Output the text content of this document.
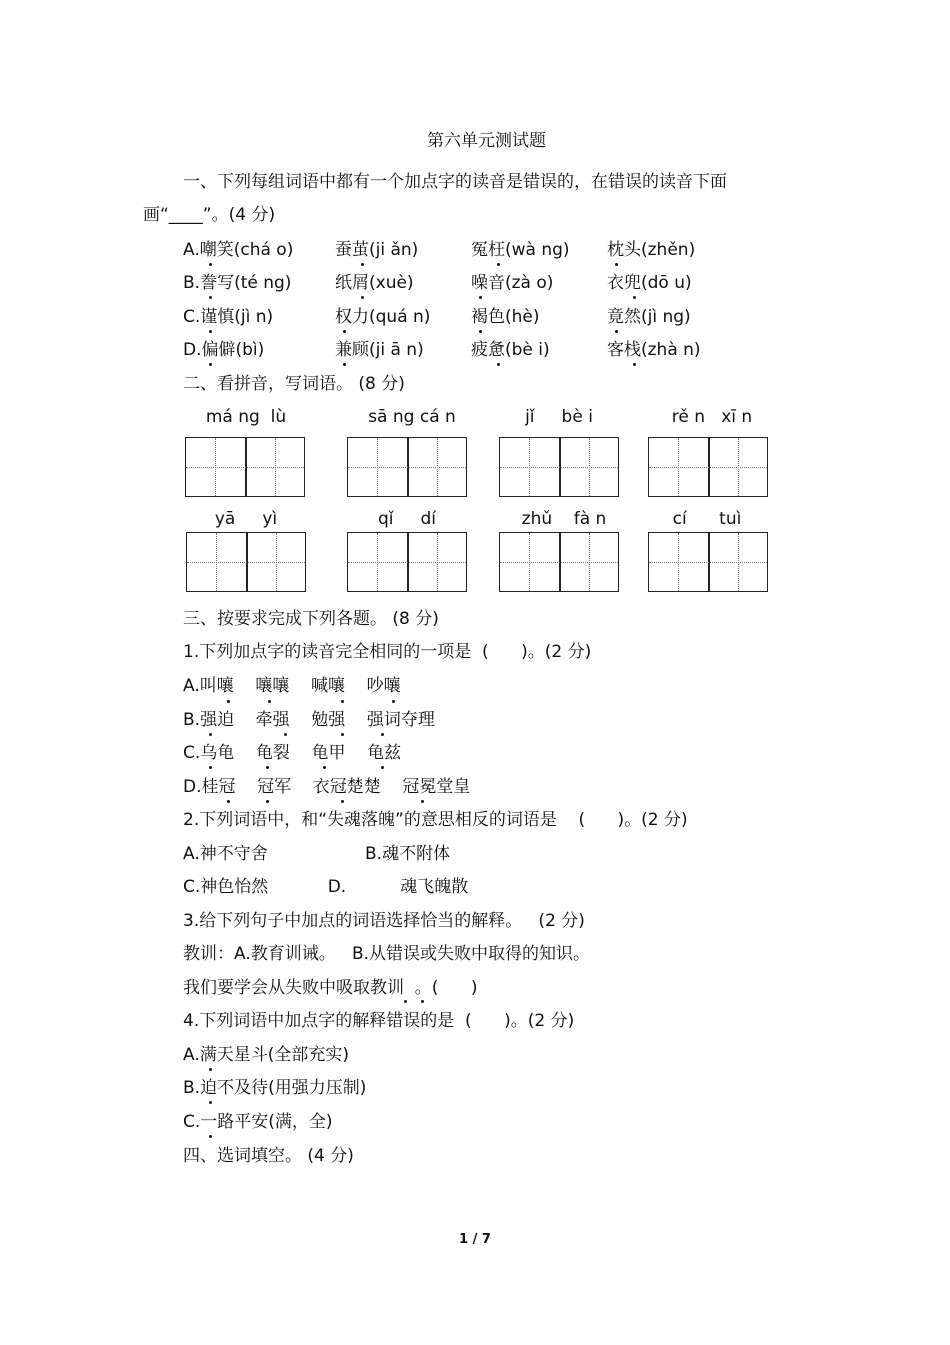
第六单元测试题
一、下列每组词语中都有一个加点字的读音是错误的，在错误的读音下面
画“____”。(4 分)
A.嘲笑(chá o) 蚕茧(ji ǎn)	冤枉(wà ng) 枕头(zhěn)
B.誊写(té ng)	纸屑(xuè)	噪音(zà o)	衣兜(dō u)
C.谨慎(jì n)	权力(quá n) 褐色(hè)	竟然(jì ng)
D.偏僻(bì)	兼顾(ji ā n)	疲惫(bè i)	客栈(zhà n)
二、看拼音，写词语。 (8 分)
má ng  lù	sā ng cá n	jǐ     bè i	rě n   xī n
yā     yì	qǐ     dí	zhǔ    fà n	cí      tuì
三、按要求完成下列各题。 (8 分)
1.下列加点字的读音完全相同的一项是  (      )。(2 分)
A.叫嚷    嚷嚷    喊嚷    吵嚷
B.强迫    牵强    勉强    强词夺理
C.乌龟    龟裂    龟甲    龟兹
D.桂冠    冠军    衣冠楚楚    冠冕堂皇
2.下列词语中，和“失魂落魄”的意思相反的词语是    (      )。(2 分)
A.神不守舍                  B.魂不附体
C.神色怡然           D.          魂飞魄散
3.给下列句子中加点的词语选择恰当的解释。   (2 分)
教训：A.教育训诫。   B.从错误或失败中取得的知识。
我们要学会从失败中吸取教训  。(      )
4.下列词语中加点字的解释错误的是  (      )。(2 分)
A.满天星斗(全部充实)
B.迫不及待(用强力压制)
C.一路平安(满，全)
四、选词填空。 (4 分)
1 / 7
